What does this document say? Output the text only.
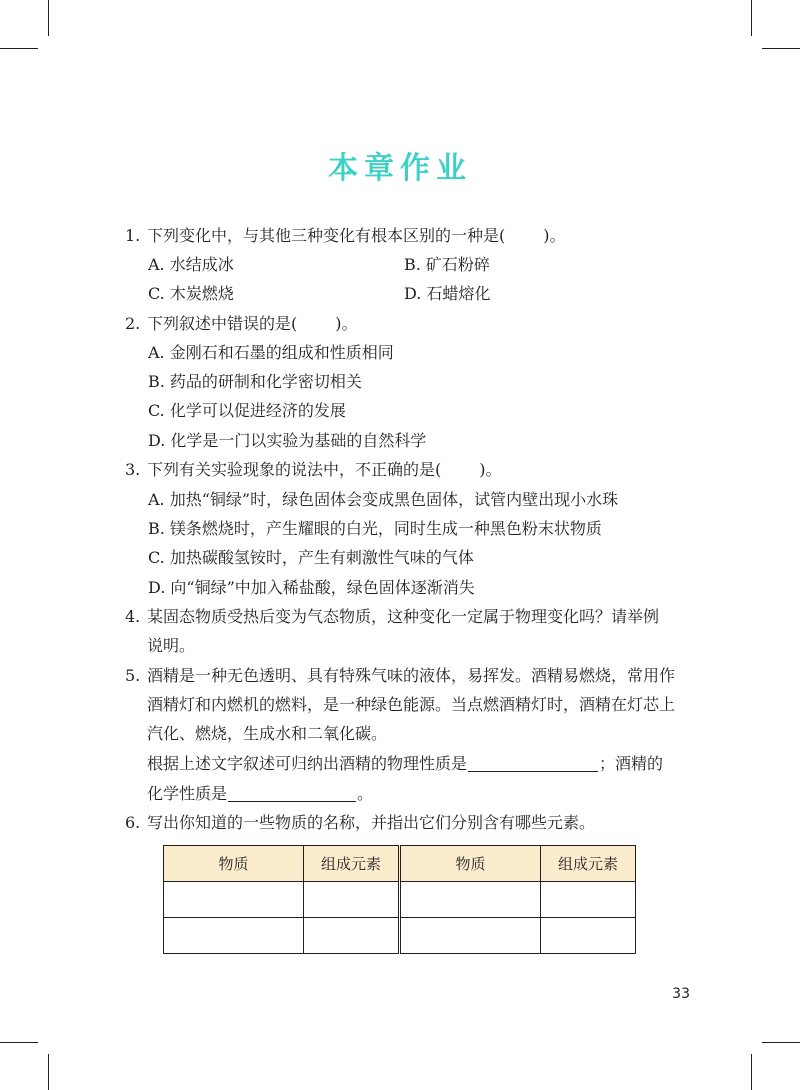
本章作业
1. 下列变化中，与其他三种变化有根本区别的一种是( )。
A. 水结成冰	B. 矿石粉碎
C. 木炭燃烧	D. 石蜡熔化
2. 下列叙述中错误的是( )。
A. 金刚石和石墨的组成和性质相同
B. 药品的研制和化学密切相关
C. 化学可以促进经济的发展
D. 化学是一门以实验为基础的自然科学
3. 下列有关实验现象的说法中，不正确的是( )。
A. 加热“铜绿”时，绿色固体会变成黑色固体，试管内壁出现小水珠
B. 镁条燃烧时，产生耀眼的白光，同时生成一种黑色粉末状物质
C. 加热碳酸氢铵时，产生有刺激性气味的气体
D. 向“铜绿”中加入稀盐酸，绿色固体逐渐消失
4. 某固态物质受热后变为气态物质，这种变化一定属于物理变化吗？请举例
说明。
5. 酒精是一种无色透明、具有特殊气味的液体，易挥发。酒精易燃烧，常用作
酒精灯和内燃机的燃料，是一种绿色能源。当点燃酒精灯时，酒精在灯芯上
汽化、燃烧，生成水和二氧化碳。
根据上述文字叙述可归纳出酒精的物理性质是	；酒精的
化学性质是	。
6. 写出你知道的一些物质的名称，并指出它们分别含有哪些元素。
物质	组成元素	物质	组成元素

33
